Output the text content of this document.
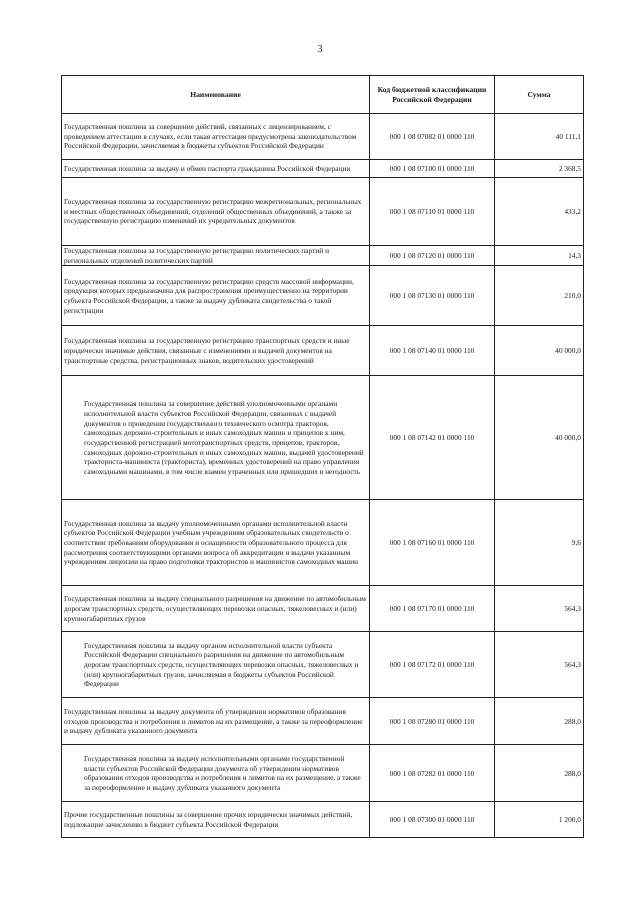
3
Наименование	Код бюджетной классификации Российской Федерации	Сумма
Государственная пошлина за совершение действий, связанных с лицензированием, с проведением аттестации в случаях, если такая аттестация предусмотрена законодательством Российской Федерации, зачисляемая в бюджеты субъектов Российской Федерации	000 1 08 07082 01 0000 110	40 111,1
Государственная пошлина за выдачу и обмен паспорта гражданина Российской Федерации	000 1 08 07100 01 0000 110	2 368,5
Государственная пошлина за государственную регистрацию межрегиональных, региональных и местных общественных объединений, отделений общественных объединений, а также за государственную регистрацию изменений их учредительных документов	000 1 08 07110 01 0000 110	433,2
Государственная пошлина за государственную регистрацию политических партий и региональных отделений политических партий	000 1 08 07120 01 0000 110	14,3
Государственная пошлина за государственную регистрацию средств массовой информации, продукция которых предназначена для распространения преимущественно на территории субъекта Российской Федерации, а также за выдачу дубликата свидетельства о такой регистрации	000 1 08 07130 01 0000 110	210,0
Государственная пошлина за государственную регистрацию транспортных средств и иные юридически значимые действия, связанные с изменениями и выдачей документов на транспортные средства, регистрационных знаков, водительских удостоверений	000 1 08 07140 01 0000 110	40 000,0
Государственная пошлина за совершение действий уполномоченными органами исполнительной власти субъектов Российской Федерации, связанных с выдачей документов о проведении государственного технического осмотра тракторов, самоходных дорожно-строительных и иных самоходных машин и прицепов к ним, государственной регистрацией мототранспортных средств, прицепов, тракторов, самоходных дорожно-строительных и иных самоходных машин, выдачей удостоверений тракториста-машиниста (тракториста), временных удостоверений на право управления самоходными машинами, в том числе взамен утраченных или пришедших в негодность	000 1 08 07142 01 0000 110	40 000,0
Государственная пошлина за выдачу уполномоченными органами исполнительной власти субъектов Российской Федерации учебным учреждениям образовательных свидетельств о соответствии требованиям оборудования и оснащенности образовательного процесса для рассмотрения соответствующими органами вопроса об аккредитации и выдачи указанным учреждениям лицензии на право подготовки трактористов и машинистов самоходных машин	000 1 08 07160 01 0000 110	9,6
Государственная пошлина за выдачу специального разрешения на движение по автомобильным дорогам транспортных средств, осуществляющих перевозки опасных, тяжеловесных и (или) крупногабаритных грузов	000 1 08 07170 01 0000 110	564,3
Государственная пошлина за выдачу органом исполнительной власти субъекта Российской Федерации специального разрешения на движение по автомобильным дорогам транспортных средств, осуществляющих перевозки опасных, тяжеловесных и (или) крупногабаритных грузов, зачисляемая в бюджеты субъектов Российской Федерации	000 1 08 07172 01 0000 110	564,3
Государственная пошлина за выдачу документа об утверждении нормативов образования отходов производства и потребления и лимитов на их размещение, а также за переоформление и выдачу дубликата указанного документа	000 1 08 07280 01 0000 110	288,0
Государственная пошлина за выдачу исполнительными органами государственной власти субъектов Российской Федерации документа об утверждении нормативов образования отходов производства и потребления и лимитов на их размещение, а также за переоформление и выдачу дубликата указанного документа	000 1 08 07282 01 0000 110	288,0
Прочие государственные пошлины за совершение прочих юридически значимых действий, подлежащие зачислению в бюджет субъекта Российской Федерации	000 1 08 07300 01 0000 110	1 200,0
